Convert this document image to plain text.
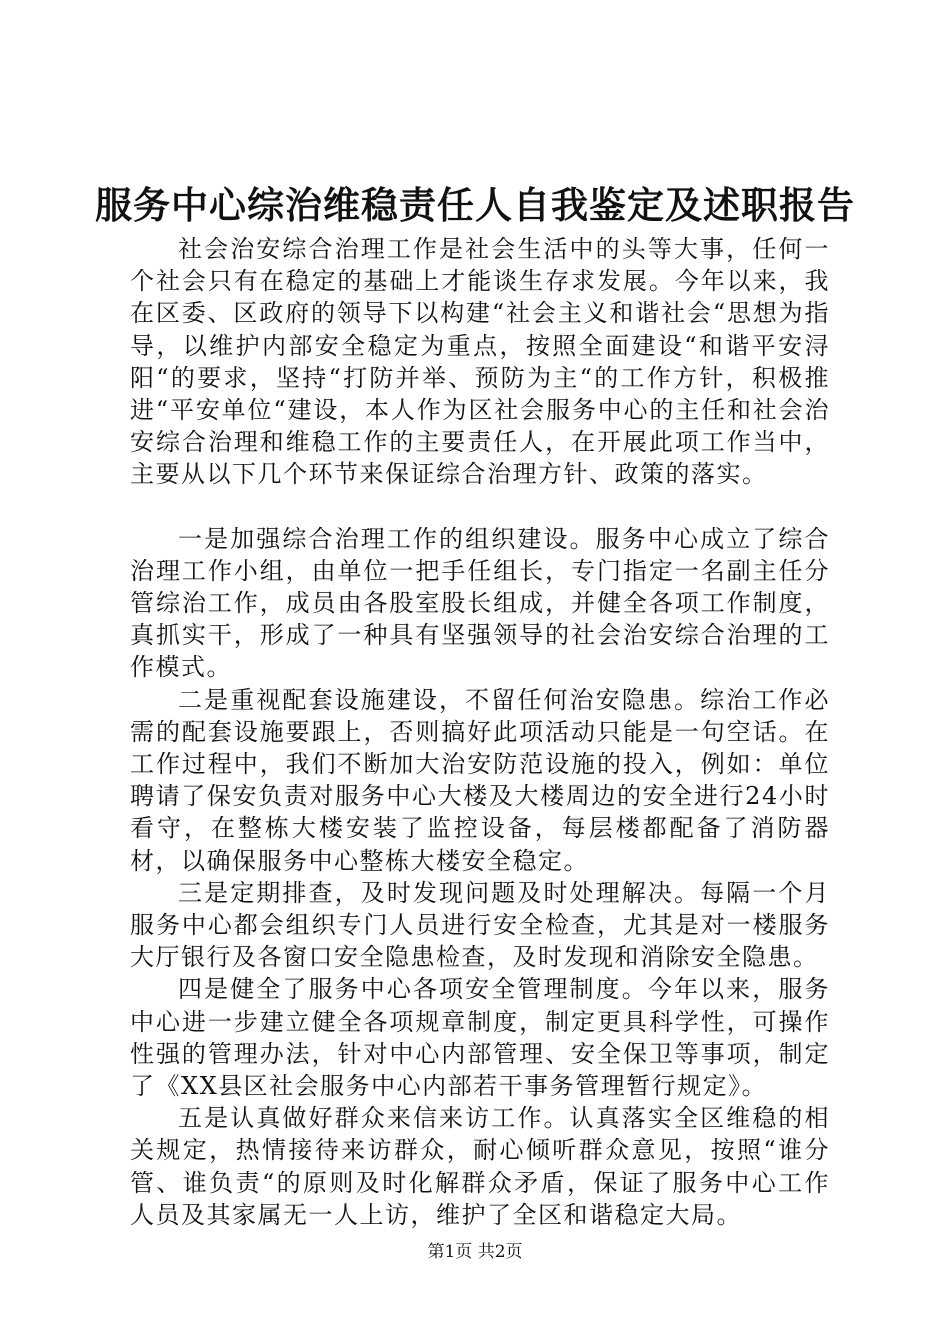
服务中心综治维稳责任人自我鉴定及述职报告

社会治安综合治理工作是社会生活中的头等大事，任何一个社会只有在稳定的基础上才能谈生存求发展。今年以来，我在区委、区政府的领导下以构建“社会主义和谐社会“思想为指导，以维护内部安全稳定为重点，按照全面建设“和谐平安浔阳“的要求，坚持“打防并举、预防为主“的工作方针，积极推进“平安单位“建设，本人作为区社会服务中心的主任和社会治安综合治理和维稳工作的主要责任人，在开展此项工作当中，主要从以下几个环节来保证综合治理方针、政策的落实。

一是加强综合治理工作的组织建设。服务中心成立了综合治理工作小组，由单位一把手任组长，专门指定一名副主任分管综治工作，成员由各股室股长组成，并健全各项工作制度，真抓实干，形成了一种具有坚强领导的社会治安综合治理的工作模式。

二是重视配套设施建设，不留任何治安隐患。综治工作必需的配套设施要跟上，否则搞好此项活动只能是一句空话。在工作过程中，我们不断加大治安防范设施的投入，例如：单位聘请了保安负责对服务中心大楼及大楼周边的安全进行24小时看守，在整栋大楼安装了监控设备，每层楼都配备了消防器材，以确保服务中心整栋大楼安全稳定。

三是定期排查，及时发现问题及时处理解决。每隔一个月服务中心都会组织专门人员进行安全检查，尤其是对一楼服务大厅银行及各窗口安全隐患检查，及时发现和消除安全隐患。

四是健全了服务中心各项安全管理制度。今年以来，服务中心进一步建立健全各项规章制度，制定更具科学性，可操作性强的管理办法，针对中心内部管理、安全保卫等事项，制定了《XX县区社会服务中心内部若干事务管理暂行规定》。

五是认真做好群众来信来访工作。认真落实全区维稳的相关规定，热情接待来访群众，耐心倾听群众意见，按照“谁分管、谁负责“的原则及时化解群众矛盾，保证了服务中心工作人员及其家属无一人上访，维护了全区和谐稳定大局。

第1页 共2页
